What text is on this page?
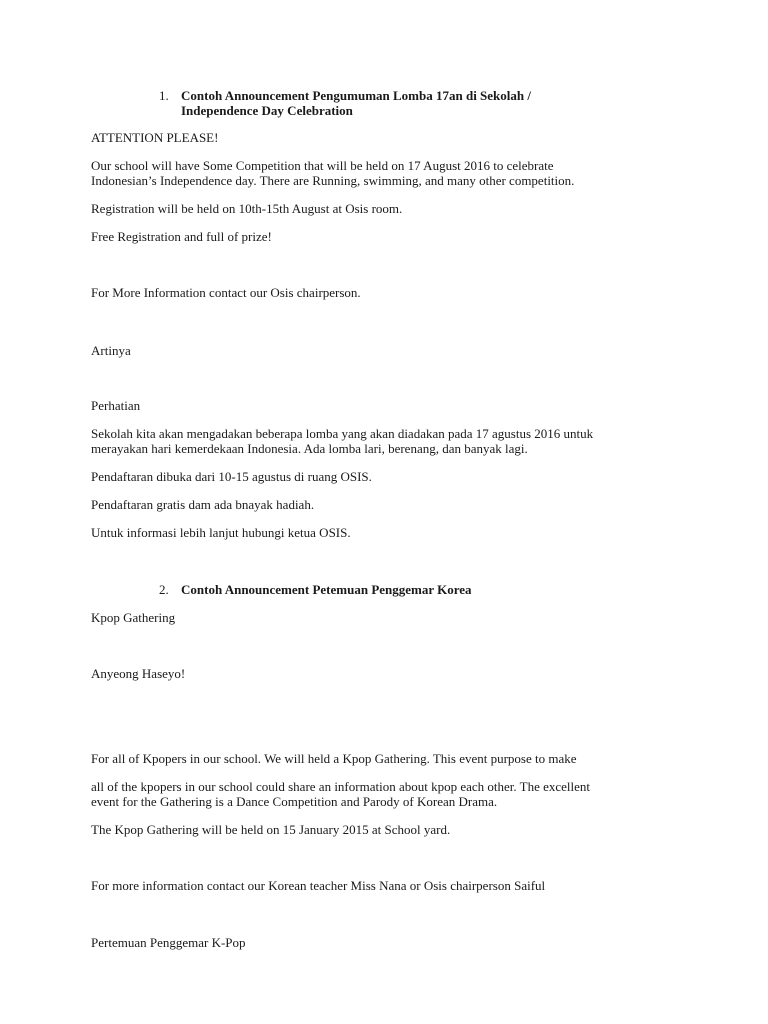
1. Contoh Announcement Pengumuman Lomba 17an di Sekolah /
Independence Day Celebration
ATTENTION PLEASE!
Our school will have Some Competition that will be held on 17 August 2016 to celebrate
Indonesian’s Independence day. There are Running, swimming, and many other competition.
Registration will be held on 10th-15th August at Osis room.
Free Registration and full of prize!
For More Information contact our Osis chairperson.
Artinya
Perhatian
Sekolah kita akan mengadakan beberapa lomba yang akan diadakan pada 17 agustus 2016 untuk
merayakan hari kemerdekaan Indonesia. Ada lomba lari, berenang, dan banyak lagi.
Pendaftaran dibuka dari 10-15 agustus di ruang OSIS.
Pendaftaran gratis dam ada bnayak hadiah.
Untuk informasi lebih lanjut hubungi ketua OSIS.
2. Contoh Announcement Petemuan Penggemar Korea
Kpop Gathering
Anyeong Haseyo!
For all of Kpopers in our school. We will held a Kpop Gathering. This event purpose to make
all of the kpopers in our school could share an information about kpop each other. The excellent
event for the Gathering is a Dance Competition and Parody of Korean Drama.
The Kpop Gathering will be held on 15 January 2015 at School yard.
For more information contact our Korean teacher Miss Nana or Osis chairperson Saiful
Pertemuan Penggemar K-Pop
